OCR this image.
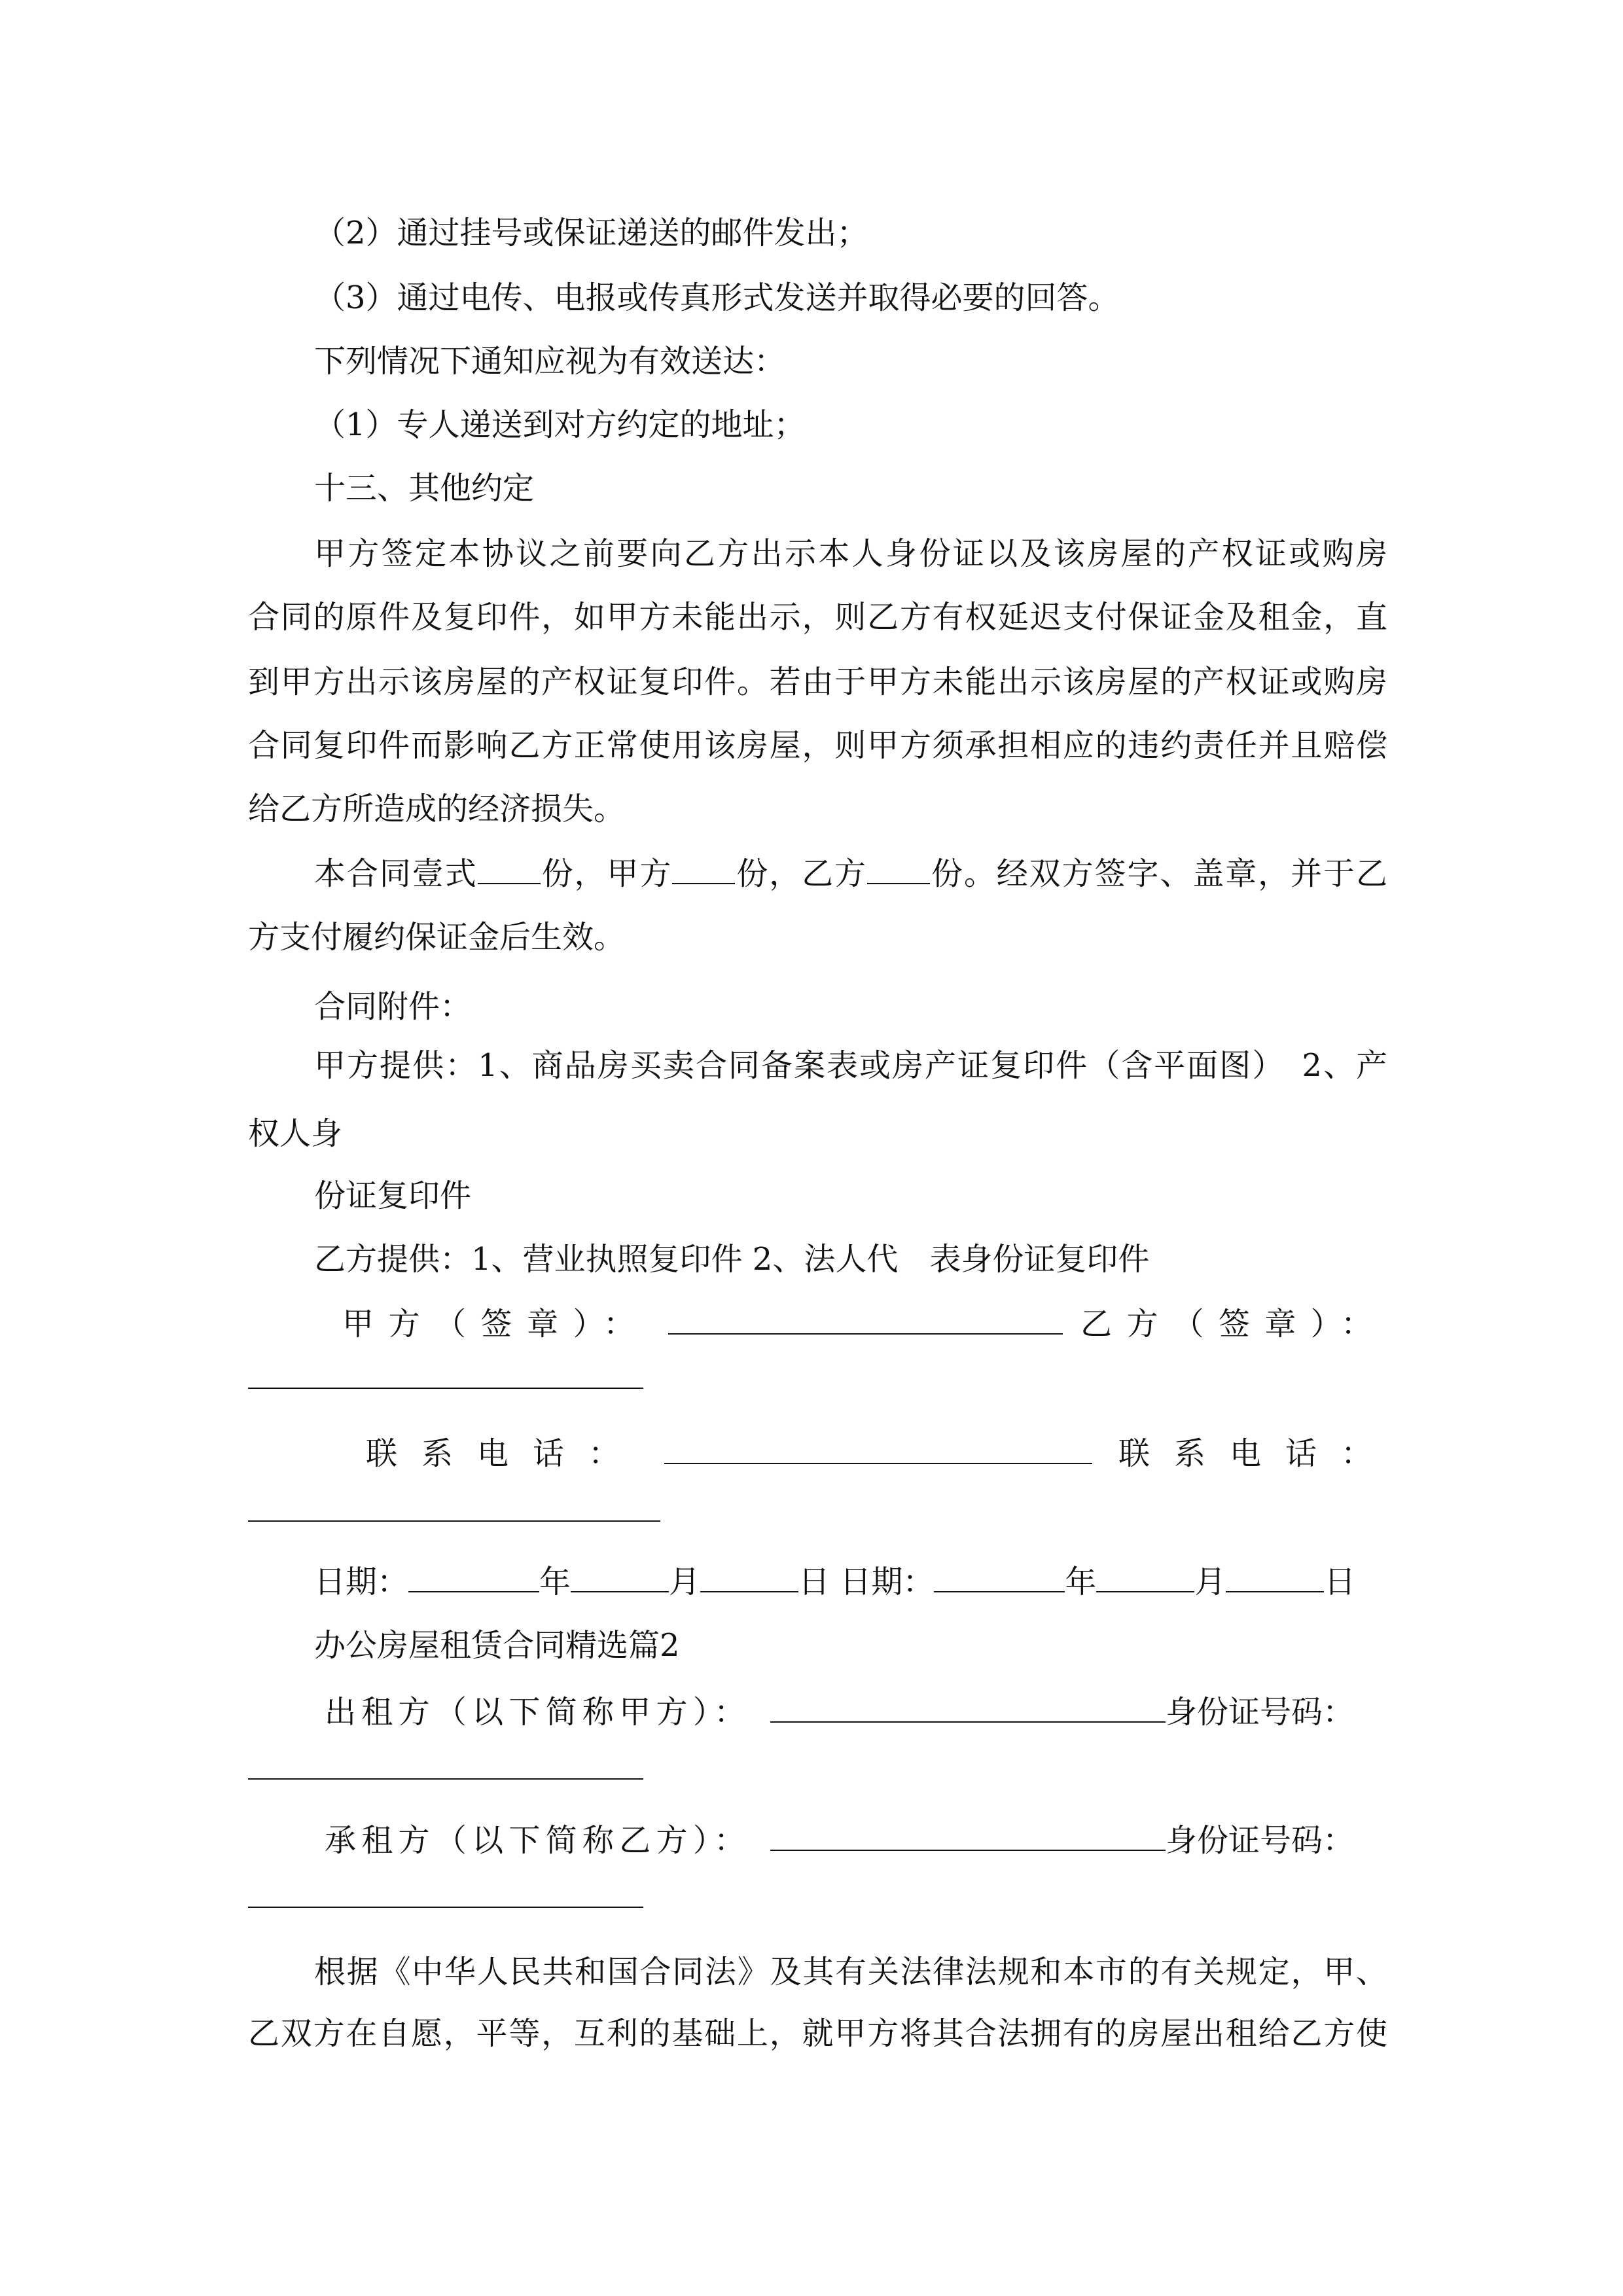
（2）通过挂号或保证递送的邮件发出；
（3）通过电传、电报或传真形式发送并取得必要的回答。
下列情况下通知应视为有效送达：
（1）专人递送到对方约定的地址；
十三、其他约定
甲方签定本协议之前要向乙方出示本人身份证以及该房屋的产权证或购房
合同的原件及复印件，如甲方未能出示，则乙方有权延迟支付保证金及租金，直
到甲方出示该房屋的产权证复印件。若由于甲方未能出示该房屋的产权证或购房
合同复印件而影响乙方正常使用该房屋，则甲方须承担相应的违约责任并且赔偿
给乙方所造成的经济损失。
本合同壹式 份，甲方 份，乙方 份。经双方签字、盖章，并于乙
方支付履约保证金后生效。
合同附件：
甲方提供：1、商品房买卖合同备案表或房产证复印件（含平面图）　2、产
权人身
份证复印件
乙方提供：1、营业执照复印件 2、法人代　表身份证复印件
甲方（签章）：	乙方（签章）：
联系电话：	联系电话：
日期：	年	月	日 日期：	年	月	日
办公房屋租赁合同精选篇2
出租方（以下简称甲方）：	身份证号码：
承租方（以下简称乙方）：	身份证号码：
根据《中华人民共和国合同法》及其有关法律法规和本市的有关规定，甲、
乙双方在自愿，平等，互利的基础上，就甲方将其合法拥有的房屋出租给乙方使
